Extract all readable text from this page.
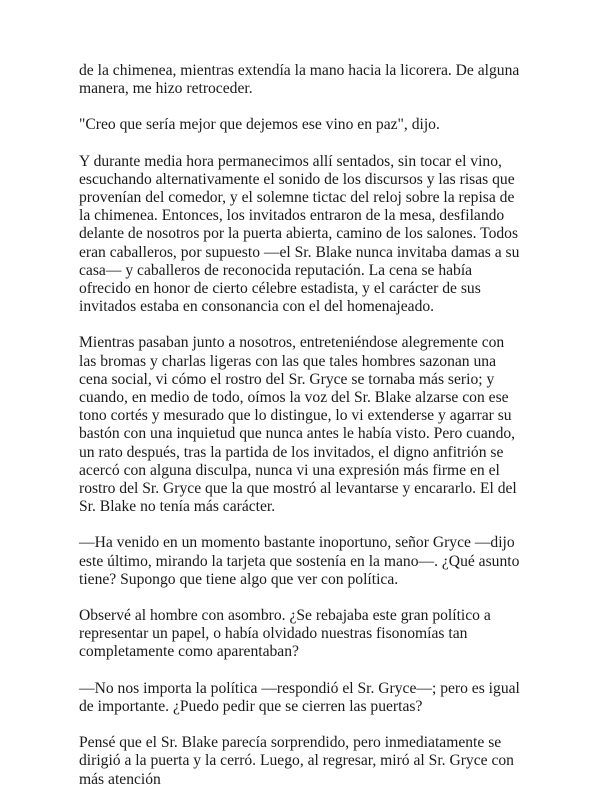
de la chimenea, mientras extendía la mano hacia la licorera. De alguna manera, me hizo retroceder.

"Creo que sería mejor que dejemos ese vino en paz", dijo.

Y durante media hora permanecimos allí sentados, sin tocar el vino, escuchando alternativamente el sonido de los discursos y las risas que provenían del comedor, y el solemne tictac del reloj sobre la repisa de la chimenea. Entonces, los invitados entraron de la mesa, desfilando delante de nosotros por la puerta abierta, camino de los salones. Todos eran caballeros, por supuesto —el Sr. Blake nunca invitaba damas a su casa— y caballeros de reconocida reputación. La cena se había ofrecido en honor de cierto célebre estadista, y el carácter de sus invitados estaba en consonancia con el del homenajeado.

Mientras pasaban junto a nosotros, entreteniéndose alegremente con las bromas y charlas ligeras con las que tales hombres sazonan una cena social, vi cómo el rostro del Sr. Gryce se tornaba más serio; y cuando, en medio de todo, oímos la voz del Sr. Blake alzarse con ese tono cortés y mesurado que lo distingue, lo vi extenderse y agarrar su bastón con una inquietud que nunca antes le había visto. Pero cuando, un rato después, tras la partida de los invitados, el digno anfitrión se acercó con alguna disculpa, nunca vi una expresión más firme en el rostro del Sr. Gryce que la que mostró al levantarse y encararlo. El del Sr. Blake no tenía más carácter.

—Ha venido en un momento bastante inoportuno, señor Gryce —dijo este último, mirando la tarjeta que sostenía en la mano—. ¿Qué asunto tiene? Supongo que tiene algo que ver con política.

Observé al hombre con asombro. ¿Se rebajaba este gran político a representar un papel, o había olvidado nuestras fisonomías tan completamente como aparentaban?

—No nos importa la política —respondió el Sr. Gryce—; pero es igual de importante. ¿Puedo pedir que se cierren las puertas?

Pensé que el Sr. Blake parecía sorprendido, pero inmediatamente se dirigió a la puerta y la cerró. Luego, al regresar, miró al Sr. Gryce con más atención
